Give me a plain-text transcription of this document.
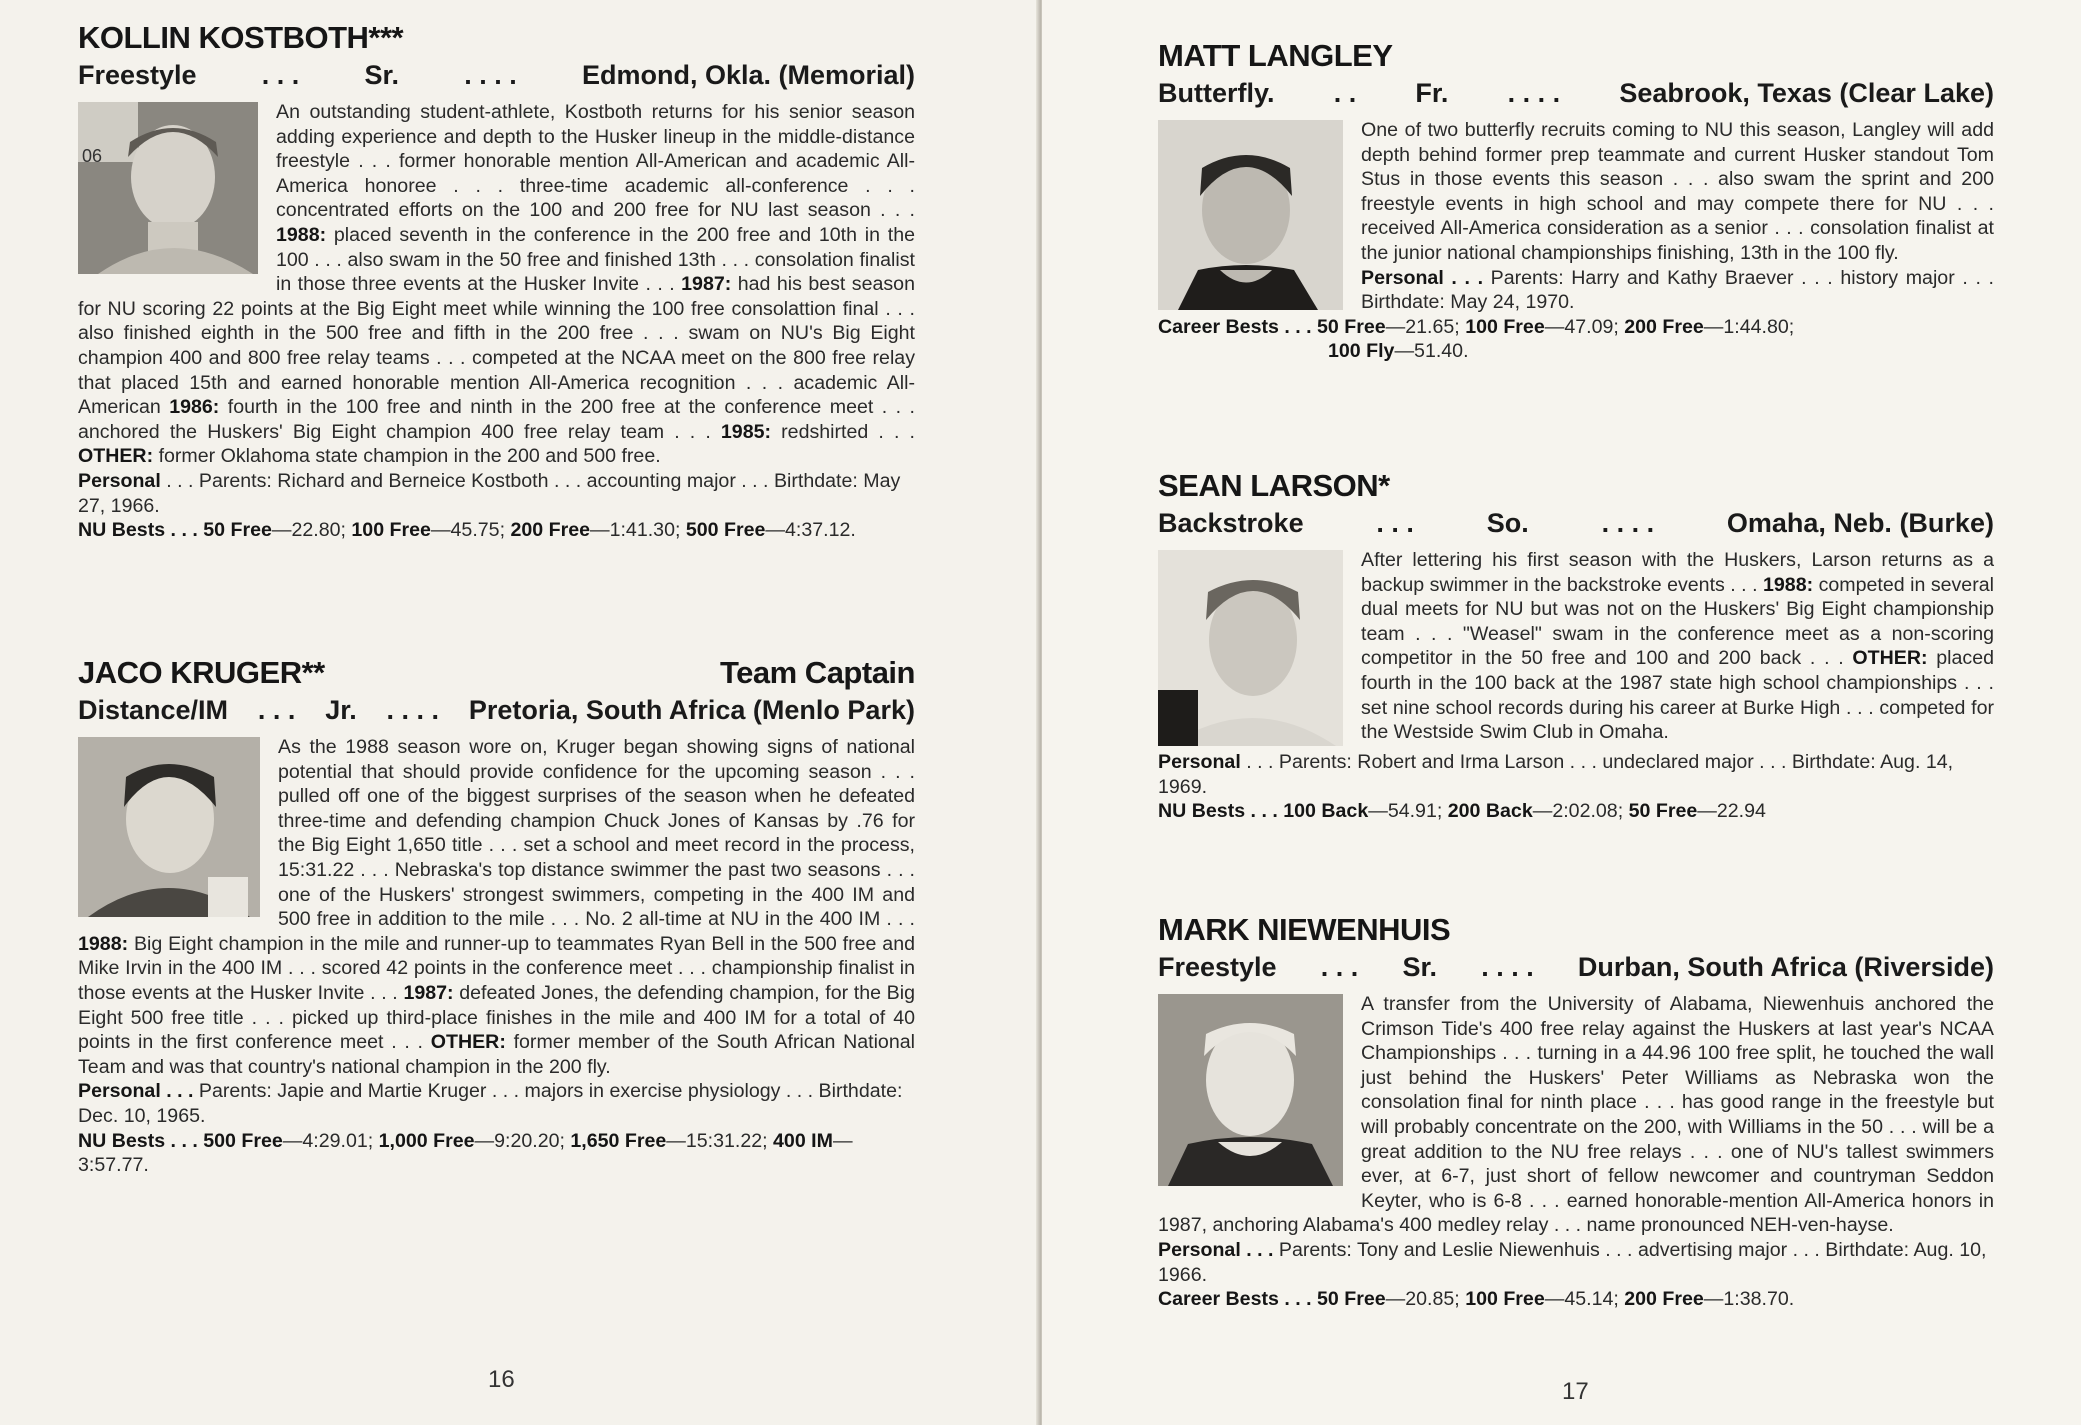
KOLLIN KOSTBOTH***
Freestyle . . . Sr. . . . . Edmond, Okla. (Memorial)
06
An outstanding student-athlete, Kostboth returns for his senior season adding experience and depth to the Husker lineup in the middle-distance freestyle . . . former honorable mention All-American and academic All-America honoree . . . three-time academic all-conference . . . concentrated efforts on the 100 and 200 free for NU last season . . . 1988: placed seventh in the conference in the 200 free and 10th in the 100 . . . also swam in the 50 free and finished 13th . . . consolation finalist in those three events at the Husker Invite . . . 1987: had his best season for NU scoring 22 points at the Big Eight meet while winning the 100 free consolattion final . . . also finished eighth in the 500 free and fifth in the 200 free . . . swam on NU's Big Eight champion 400 and 800 free relay teams . . . competed at the NCAA meet on the 800 free relay that placed 15th and earned honorable mention All-America recognition . . . academic All-American 1986: fourth in the 100 free and ninth in the 200 free at the conference meet . . . anchored the Huskers' Big Eight champion 400 free relay team . . . 1985: redshirted . . . OTHER: former Oklahoma state champion in the 200 and 500 free.
Personal . . . Parents: Richard and Berneice Kostboth . . . accounting major . . . Birthdate: May 27, 1966.
NU Bests . . . 50 Free—22.80; 100 Free—45.75; 200 Free—1:41.30; 500 Free—4:37.12.
JACO KRUGER**	Team Captain
Distance/IM . . . Jr. . . . . Pretoria, South Africa (Menlo Park)
As the 1988 season wore on, Kruger began showing signs of national potential that should provide confidence for the upcoming season . . . pulled off one of the biggest surprises of the season when he defeated three-time and defending champion Chuck Jones of Kansas by .76 for the Big Eight 1,650 title . . . set a school and meet record in the process, 15:31.22 . . . Nebraska's top distance swimmer the past two seasons . . . one of the Huskers' strongest swimmers, competing in the 400 IM and 500 free in addition to the mile . . . No. 2 all-time at NU in the 400 IM . . . 1988: Big Eight champion in the mile and runner-up to teammates Ryan Bell in the 500 free and Mike Irvin in the 400 IM . . . scored 42 points in the conference meet . . . championship finalist in those events at the Husker Invite . . . 1987: defeated Jones, the defending champion, for the Big Eight 500 free title . . . picked up third-place finishes in the mile and 400 IM for a total of 40 points in the first conference meet . . . OTHER: former member of the South African National Team and was that country's national champion in the 200 fly.
Personal . . . Parents: Japie and Martie Kruger . . . majors in exercise physiology . . . Birthdate: Dec. 10, 1965.
NU Bests . . . 500 Free—4:29.01; 1,000 Free—9:20.20; 1,650 Free—15:31.22; 400 IM—3:57.77.
16
MATT LANGLEY
Butterfly. . . Fr. . . . . Seabrook, Texas (Clear Lake)
One of two butterfly recruits coming to NU this season, Langley will add depth behind former prep teammate and current Husker standout Tom Stus in those events this season . . . also swam the sprint and 200 freestyle events in high school and may compete there for NU . . . received All-America consideration as a senior . . . consolation finalist at the junior national championships finishing, 13th in the 100 fly.
Personal . . . Parents: Harry and Kathy Braever . . . history major . . . Birthdate: May 24, 1970.
Career Bests . . . 50 Free—21.65; 100 Free—47.09; 200 Free—1:44.80;
100 Fly—51.40.
SEAN LARSON*
Backstroke	. . .	So.	. . . .	Omaha, Neb. (Burke)
After lettering his first season with the Huskers, Larson returns as a backup swimmer in the backstroke events . . . 1988: competed in several dual meets for NU but was not on the Huskers' Big Eight championship team . . . "Weasel" swam in the conference meet as a non-scoring competitor in the 50 free and 100 and 200 back . . . OTHER: placed fourth in the 100 back at the 1987 state high school championships . . . set nine school records during his career at Burke High . . . competed for the Westside Swim Club in Omaha.
Personal . . . Parents: Robert and Irma Larson . . . undeclared major . . . Birthdate: Aug. 14, 1969.
NU Bests . . . 100 Back—54.91; 200 Back—2:02.08; 50 Free—22.94
MARK NIEWENHUIS
Freestyle . . . Sr. . . . . Durban, South Africa (Riverside)
A transfer from the University of Alabama, Niewenhuis anchored the Crimson Tide's 400 free relay against the Huskers at last year's NCAA Championships . . . turning in a 44.96 100 free split, he touched the wall just behind the Huskers' Peter Williams as Nebraska won the consolation final for ninth place . . . has good range in the freestyle but will probably concentrate on the 200, with Williams in the 50 . . . will be a great addition to the NU free relays . . . one of NU's tallest swimmers ever, at 6-7, just short of fellow newcomer and countryman Seddon Keyter, who is 6-8 . . . earned honorable-mention All-America honors in 1987, anchoring Alabama's 400 medley relay . . . name pronounced NEH-ven-hayse.
Personal . . . Parents: Tony and Leslie Niewenhuis . . . advertising major . . . Birthdate: Aug. 10, 1966.
Career Bests . . . 50 Free—20.85; 100 Free—45.14; 200 Free—1:38.70.
17
